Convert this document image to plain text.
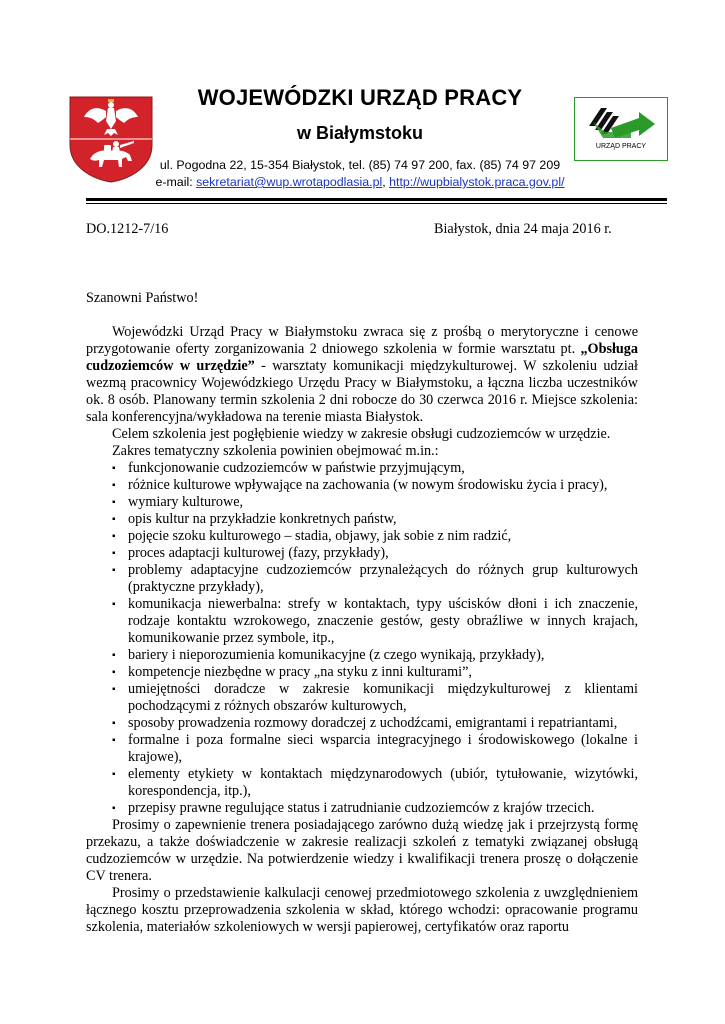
WOJEWÓDZKI URZĄD PRACY
w Białymstoku
ul. Pogodna 22, 15-354 Białystok, tel. (85) 74 97 200, fax. (85) 74 97 209
e-mail: sekretariat@wup.wrotapodlasia.pl, http://wupbialystok.praca.gov.pl/
URZĄD PRACY
DO.1212-7/16	Białystok, dnia 24 maja 2016 r.
Szanowni Państwo!

Wojewódzki Urząd Pracy w Białymstoku zwraca się z prośbą o merytoryczne i cenowe przygotowanie oferty zorganizowania 2 dniowego szkolenia w formie warsztatu pt. „Obsługa cudzoziemców w urzędzie” - warsztaty komunikacji międzykulturowej. W szkoleniu udział wezmą pracownicy Wojewódzkiego Urzędu Pracy w Białymstoku, a łączna liczba uczestników ok. 8 osób. Planowany termin szkolenia 2 dni robocze do 30 czerwca 2016 r. Miejsce szkolenia: sala konferencyjna/wykładowa na terenie miasta Białystok.

Celem szkolenia jest pogłębienie wiedzy w zakresie obsługi cudzoziemców w urzędzie.

Zakres tematyczny szkolenia powinien obejmować m.in.:

▪ funkcjonowanie cudzoziemców w państwie przyjmującym,
▪ różnice kulturowe wpływające na zachowania (w nowym środowisku życia i pracy),
▪ wymiary kulturowe,
▪ opis kultur na przykładzie konkretnych państw,
▪ pojęcie szoku kulturowego – stadia, objawy, jak sobie z nim radzić,
▪ proces adaptacji kulturowej (fazy, przykłady),
▪ problemy adaptacyjne cudzoziemców przynależących do różnych grup kulturowych (praktyczne przykłady),
▪ komunikacja niewerbalna: strefy w kontaktach, typy uścisków dłoni i ich znaczenie, rodzaje kontaktu wzrokowego, znaczenie gestów, gesty obraźliwe w innych krajach, komunikowanie przez symbole, itp.,
▪ bariery i nieporozumienia komunikacyjne (z czego wynikają, przykłady),
▪ kompetencje niezbędne w pracy „na styku z inni kulturami”,
▪ umiejętności doradcze w zakresie komunikacji międzykulturowej z klientami pochodzącymi z różnych obszarów kulturowych,
▪ sposoby prowadzenia rozmowy doradczej z uchodźcami, emigrantami i repatriantami,
▪ formalne i poza formalne sieci wsparcia integracyjnego i środowiskowego (lokalne i krajowe),
▪ elementy etykiety w kontaktach międzynarodowych (ubiór, tytułowanie, wizytówki, korespondencja, itp.),
▪ przepisy prawne regulujące status i zatrudnianie cudzoziemców z krajów trzecich.

Prosimy o zapewnienie trenera posiadającego zarówno dużą wiedzę jak i przejrzystą formę przekazu, a także doświadczenie w zakresie realizacji szkoleń z tematyki związanej obsługą cudzoziemców w urzędzie. Na potwierdzenie wiedzy i kwalifikacji trenera proszę o dołączenie CV trenera.

Prosimy o przedstawienie kalkulacji cenowej przedmiotowego szkolenia z uwzględnieniem łącznego kosztu przeprowadzenia szkolenia w skład, którego wchodzi: opracowanie programu szkolenia, materiałów szkoleniowych w wersji papierowej, certyfikatów oraz raportu
